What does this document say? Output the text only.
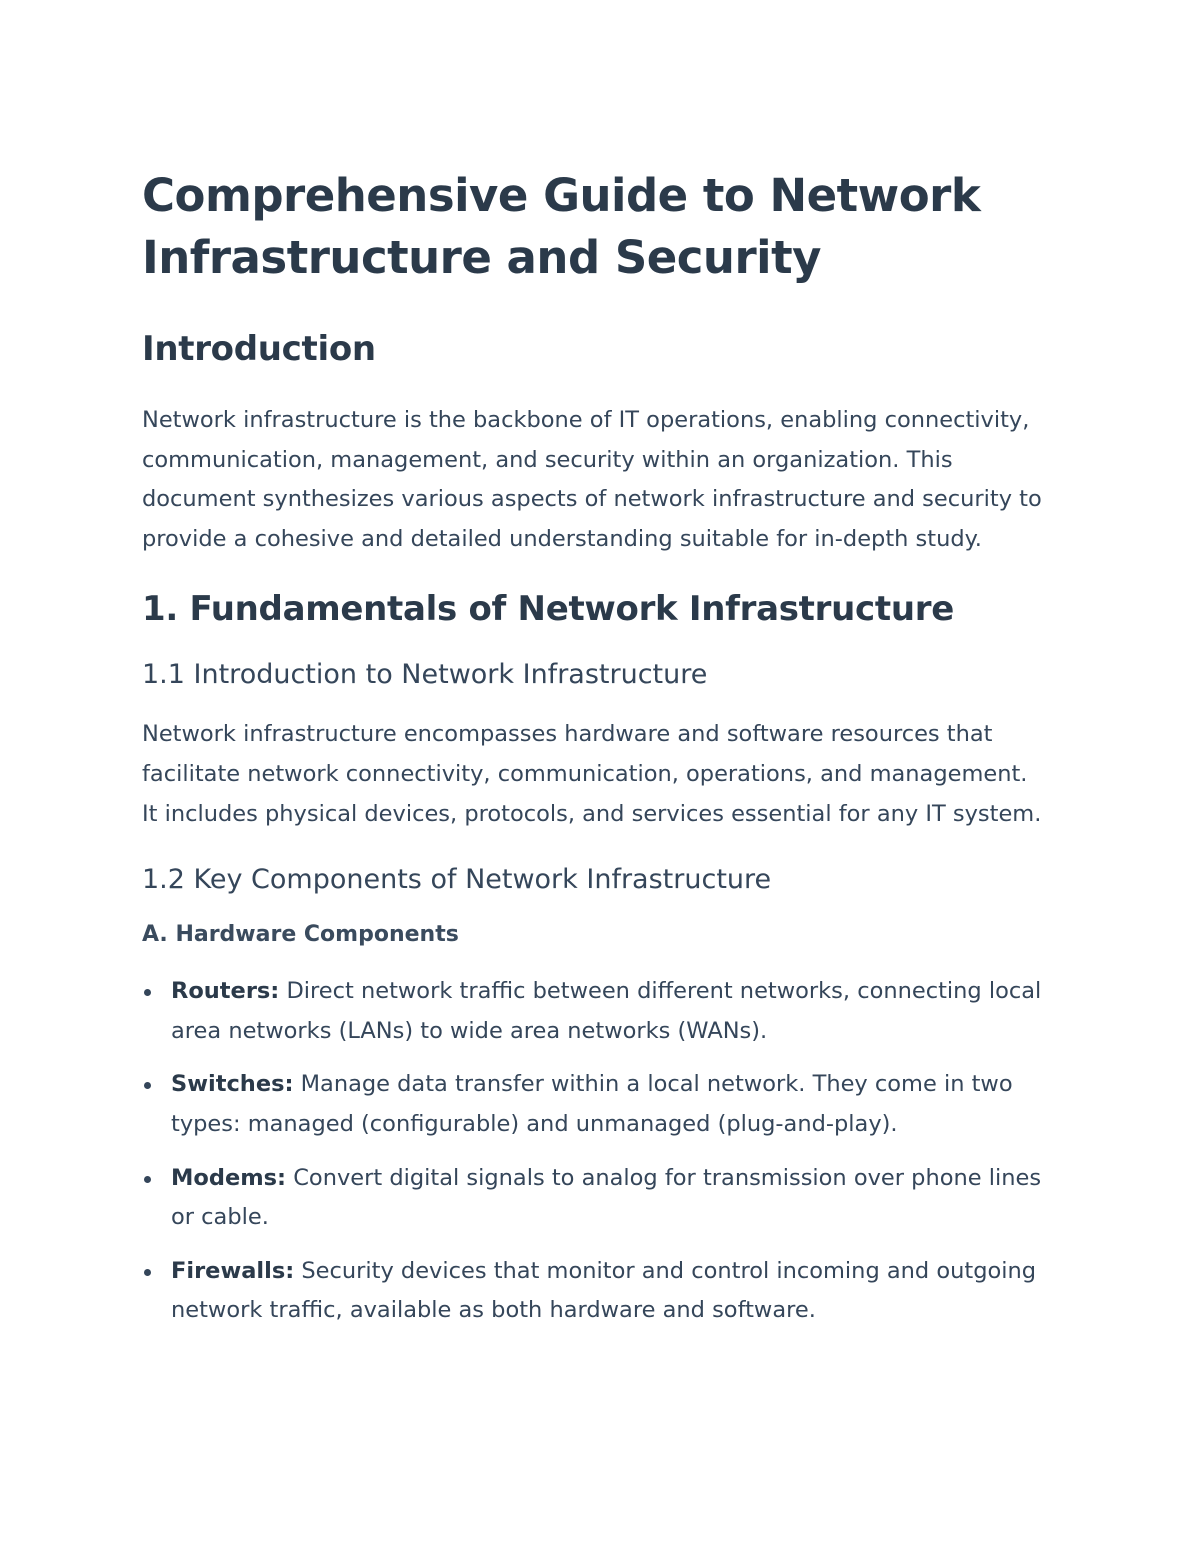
Comprehensive Guide to Network Infrastructure and Security
Introduction

Network infrastructure is the backbone of IT operations, enabling connectivity, communication, management, and security within an organization. This document synthesizes various aspects of network infrastructure and security to provide a cohesive and detailed understanding suitable for in-depth study.

1. Fundamentals of Network Infrastructure
1.1 Introduction to Network Infrastructure

Network infrastructure encompasses hardware and software resources that facilitate network connectivity, communication, operations, and management. It includes physical devices, protocols, and services essential for any IT system.

1.2 Key Components of Network Infrastructure
A. Hardware Components
Routers: Direct network traffic between different networks, connecting local area networks (LANs) to wide area networks (WANs).
Switches: Manage data transfer within a local network. They come in two types: managed (configurable) and unmanaged (plug-and-play).
Modems: Convert digital signals to analog for transmission over phone lines or cable.
Firewalls: Security devices that monitor and control incoming and outgoing network traffic, available as both hardware and software.
